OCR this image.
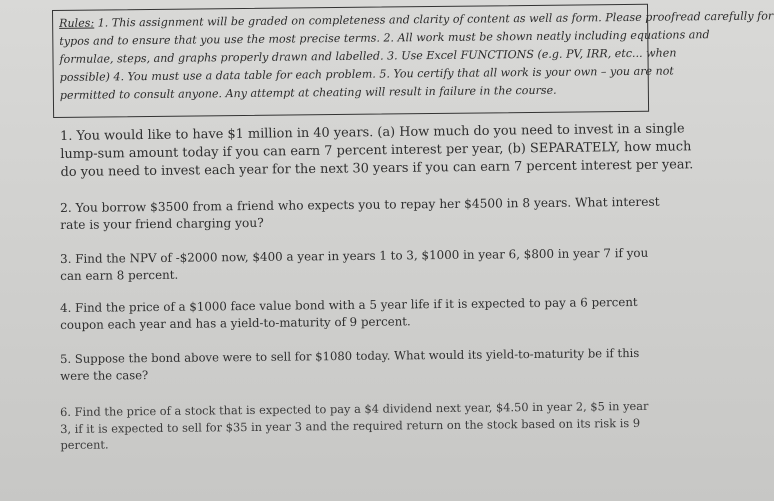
Rules: 1. This assignment will be graded on completeness and clarity of content as well as form. Please proofread carefully for
typos and to ensure that you use the most precise terms. 2. All work must be shown neatly including equations and
formulae, steps, and graphs properly drawn and labelled. 3. Use Excel FUNCTIONS (e.g. PV, IRR, etc... when
possible) 4. You must use a data table for each problem. 5. You certify that all work is your own – you are not
permitted to consult anyone. Any attempt at cheating will result in failure in the course.
1. You would like to have $1 million in 40 years. (a) How much do you need to invest in a single
lump-sum amount today if you can earn 7 percent interest per year, (b) SEPARATELY, how much
do you need to invest each year for the next 30 years if you can earn 7 percent interest per year.
2. You borrow $3500 from a friend who expects you to repay her $4500 in 8 years. What interest
rate is your friend charging you?
3. Find the NPV of -$2000 now, $400 a year in years 1 to 3, $1000 in year 6, $800 in year 7 if you
can earn 8 percent.
4. Find the price of a $1000 face value bond with a 5 year life if it is expected to pay a 6 percent
coupon each year and has a yield-to-maturity of 9 percent.
5. Suppose the bond above were to sell for $1080 today. What would its yield-to-maturity be if this
were the case?
6. Find the price of a stock that is expected to pay a $4 dividend next year, $4.50 in year 2, $5 in year
3, if it is expected to sell for $35 in year 3 and the required return on the stock based on its risk is 9
percent.
